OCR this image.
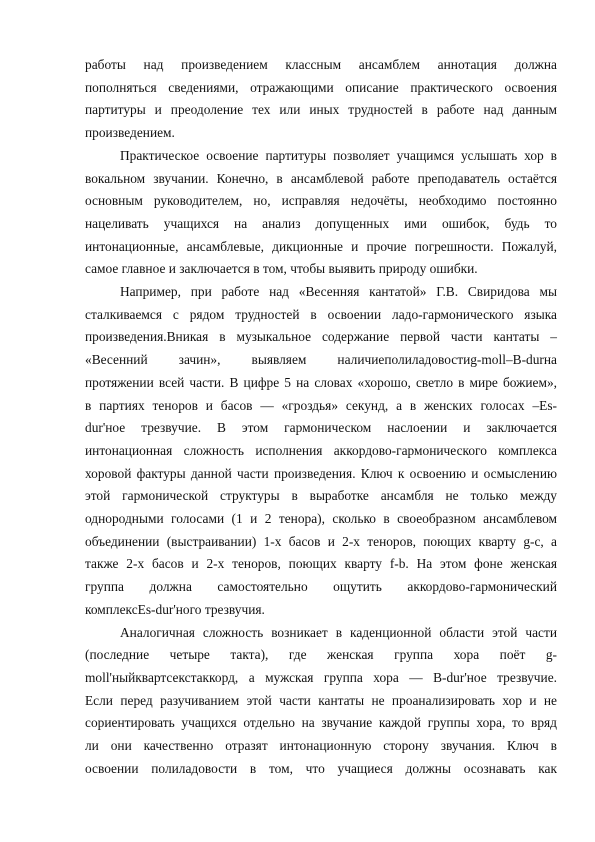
работы над произведением классным ансамблем аннотация должна
пополняться сведениями, отражающими описание практического освоения
партитуры и преодоление тех или иных трудностей в работе над данным
произведением.

Практическое освоение партитуры позволяет учащимся услышать хор в
вокальном звучании. Конечно, в ансамблевой работе преподаватель остаётся
основным руководителем, но, исправляя недочёты, необходимо постоянно
нацеливать учащихся на анализ допущенных ими ошибок, будь то
интонационные, ансамблевые, дикционные и прочие погрешности. Пожалуй,
самое главное и заключается в том, чтобы выявить природу ошибки.

Например, при работе над «Весенняя кантатой» Г.В. Свиридова мы
сталкиваемся с рядом трудностей в освоении ладо-гармонического языка
произведения.Вникая в музыкальное содержание первой части кантаты –
«Весенний зачин», выявляем наличиеполиладовостиg-moll–B-durна
протяжении всей части. В цифре 5 на словах «хорошо, светло в мире божием»,
в партиях теноров и басов — «гроздья» секунд, а в женских голосах –Es-
dur'ное трезвучие. В этом гармоническом наслоении и заключается
интонационная сложность исполнения аккордово-гармонического комплекса
хоровой фактуры данной части произведения. Ключ к освоению и осмыслению
этой гармонической структуры в выработке ансамбля не только между
однородными голосами (1 и 2 тенора), сколько в своеобразном ансамблевом
объединении (выстраивании) 1-х басов и 2-х теноров, поющих кварту g-c, а
также 2-х басов и 2-х теноров, поющих кварту f-b. На этом фоне женская
группа должна самостоятельно ощутить аккордово-гармонический
комплексEs-dur'ного трезвучия.

Аналогичная сложность возникает в каденционной области этой части
(последние четыре такта), где женская группа хора поёт g-
moll'ныйквартсекстаккорд, а мужская группа хора — B-dur'ное трезвучие.
Если перед разучиванием этой части кантаты не проанализировать хор и не
сориентировать учащихся отдельно на звучание каждой группы хора, то вряд
ли они качественно отразят интонационную сторону звучания. Ключ в
освоении полиладовости в том, что учащиеся должны осознавать как
